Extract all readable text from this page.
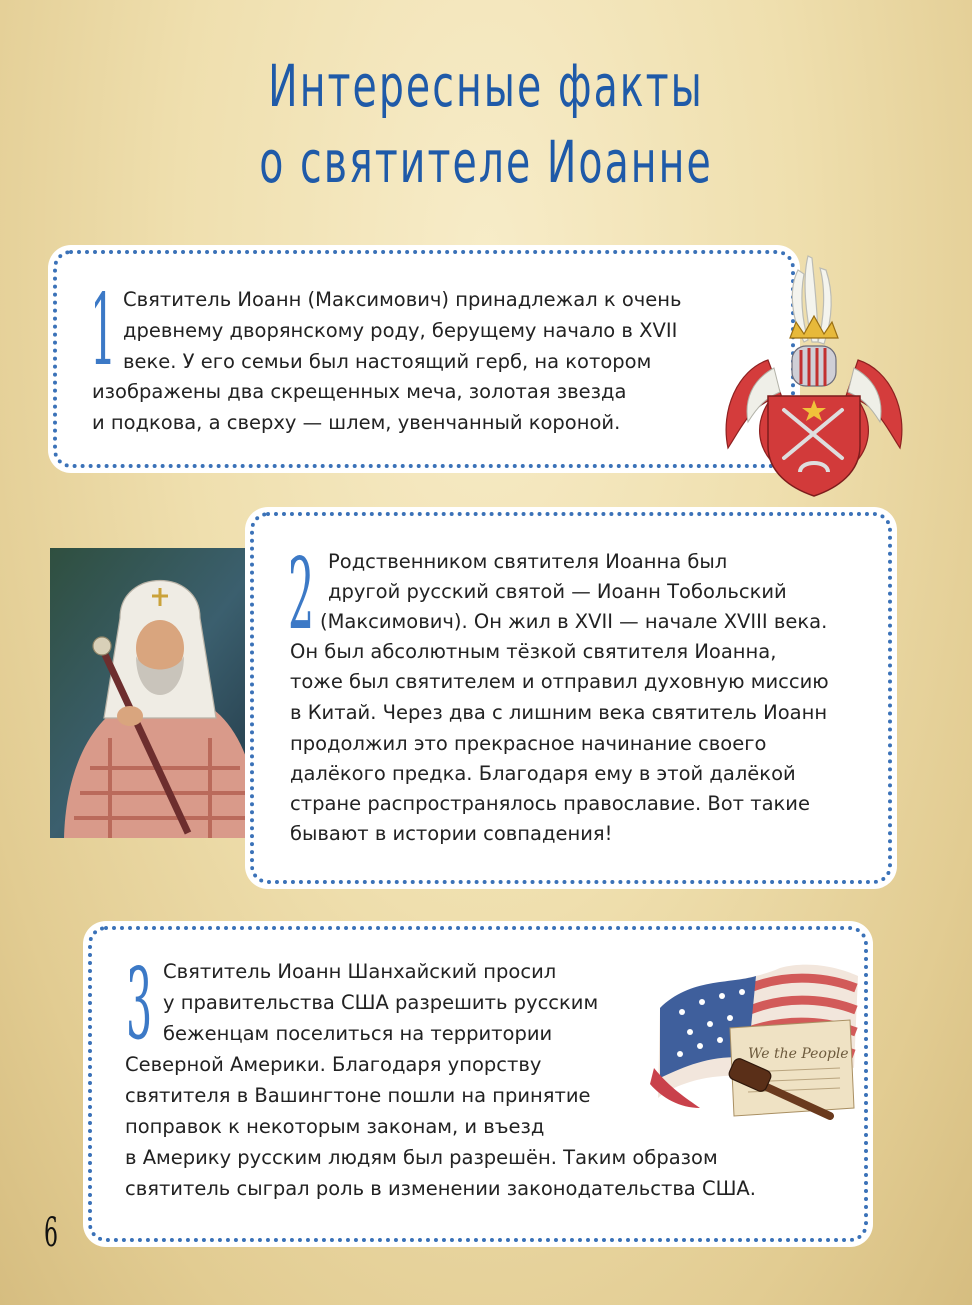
Интересные факты
о святителе Иоанне
1 Святитель Иоанн (Максимович) принадлежал к очень
древнему дворянскому роду, берущему начало в XVII
веке. У его семьи был настоящий герб, на котором
изображены два скрещенных меча, золотая звезда
и подкова, а сверху — шлем, увенчанный короной.
2 Родственником святителя Иоанна был
другой русский святой — Иоанн Тобольский
(Максимович). Он жил в XVII — начале XVIII века.
Он был абсолютным тёзкой святителя Иоанна,
тоже был святителем и отправил духовную миссию
в Китай. Через два с лишним века святитель Иоанн
продолжил это прекрасное начинание своего
далёкого предка. Благодаря ему в этой далёкой
стране распространялось православие. Вот такие
бывают в истории совпадения!
3 Святитель Иоанн Шанхайский просил
у правительства США разрешить русским
беженцам поселиться на территории
Северной Америки. Благодаря упорству
святителя в Вашингтоне пошли на принятие
поправок к некоторым законам, и въезд
в Америку русским людям был разрешён. Таким образом
святитель сыграл роль в изменении законодательства США.
We the People
6
